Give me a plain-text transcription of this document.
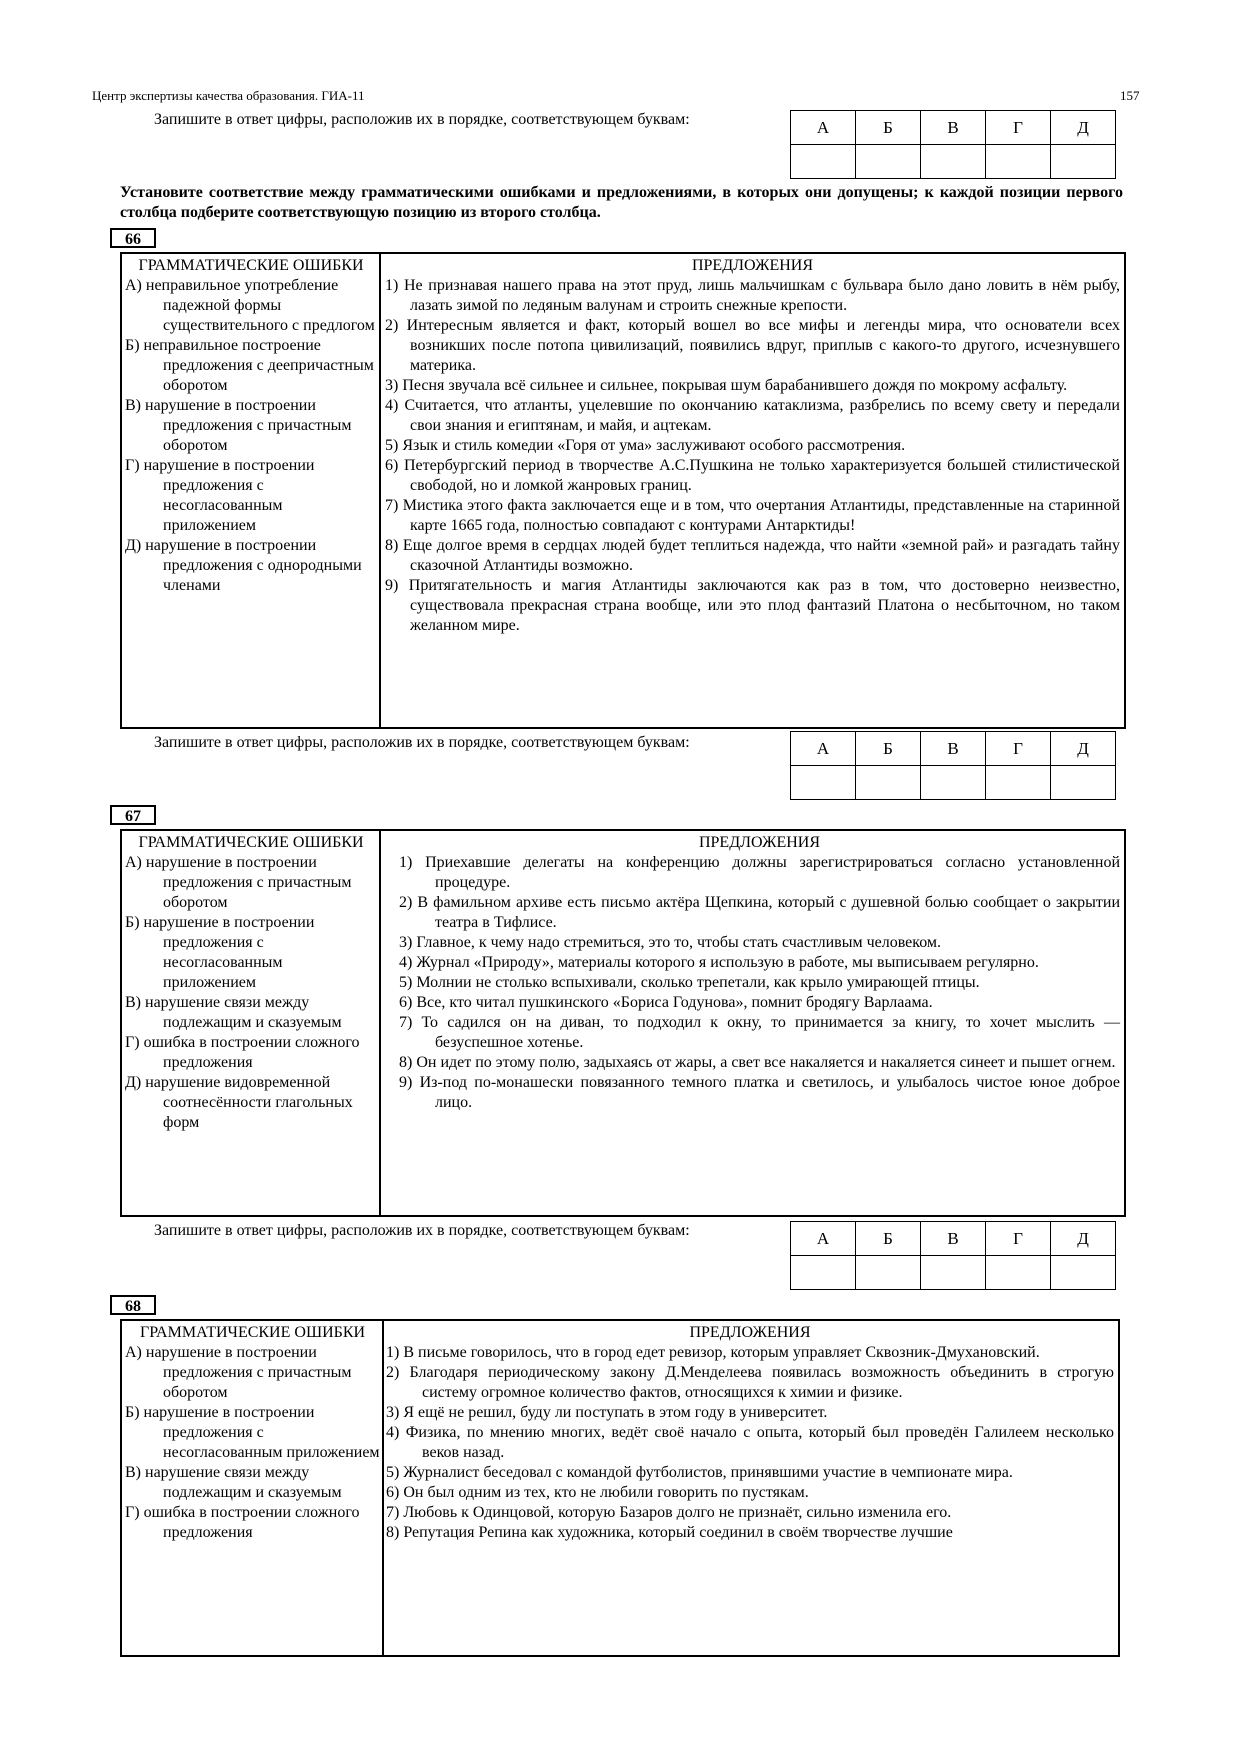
Центр экспертизы качества образования. ГИА-11	157
Запишите в ответ цифры, расположив их в порядке, соответствующем буквам:	А	Б	В	Г	Д

Установите соответствие между грамматическими ошибками и предложениями, в которых они допущены; к каждой позиции первого столбца подберите соответствующую позицию из второго столбца.
66
ГРАММАТИЧЕСКИЕ ОШИБКИ
А) неправильное употребление падежной формы существительного с предлогом
Б) неправильное построение предложения с деепричастным оборотом
В) нарушение в построении предложения с причастным оборотом
Г) нарушение в построении предложения с несогласованным приложением
Д) нарушение в построении предложения с однородными членами
ПРЕДЛОЖЕНИЯ
1) Не признавая нашего права на этот пруд, лишь мальчишкам с бульвара было дано ловить в нём рыбу, лазать зимой по ледяным валунам и строить снежные крепости.
2) Интересным является и факт, который вошел во все мифы и легенды мира, что основатели всех возникших после потопа цивилизаций, появились вдруг, приплыв с какого-то другого, исчезнувшего материка.
3) Песня звучала всё сильнее и сильнее, покрывая шум барабанившего дождя по мокрому асфальту.
4) Считается, что атланты, уцелевшие по окончанию катаклизма, разбрелись по всему свету и передали свои знания и египтянам, и майя, и ацтекам.
5) Язык и стиль комедии «Горя от ума» заслуживают особого рассмотрения.
6) Петербургский период в творчестве А.С.Пушкина не только характеризуется большей стилистической свободой, но и ломкой жанровых границ.
7) Мистика этого факта заключается еще и в том, что очертания Атлантиды, представленные на старинной карте 1665 года, полностью совпадают с контурами Антарктиды!
8) Еще долгое время в сердцах людей будет теплиться надежда, что найти «земной рай» и разгадать тайну сказочной Атлантиды возможно.
9) Притягательность и магия Атлантиды заключаются как раз в том, что достоверно неизвестно, существовала прекрасная страна вообще, или это плод фантазий Платона о несбыточном, но таком желанном мире.
Запишите в ответ цифры, расположив их в порядке, соответствующем буквам:	А	Б	В	Г	Д

67
ГРАММАТИЧЕСКИЕ ОШИБКИ
А) нарушение в построении предложения с причастным оборотом
Б) нарушение в построении предложения с несогласованным приложением
В) нарушение связи между подлежащим и сказуемым
Г) ошибка в построении сложного предложения
Д) нарушение видовременной соотнесённости глагольных форм
ПРЕДЛОЖЕНИЯ
1) Приехавшие делегаты на конференцию должны зарегистрироваться согласно установленной процедуре.
2) В фамильном архиве есть письмо актёра Щепкина, который с душевной болью сообщает о закрытии театра в Тифлисе.
3) Главное, к чему надо стремиться, это то, чтобы стать счастливым человеком.
4) Журнал «Природу», материалы которого я использую в работе, мы выписываем регулярно.
5) Молнии не столько вспыхивали, сколько трепетали, как крыло умирающей птицы.
6) Все, кто читал пушкинского «Бориса Годунова», помнит бродягу Варлаама.
7) То садился он на диван, то подходил к окну, то принимается за книгу, то хочет мыслить — безуспешное хотенье.
8) Он идет по этому полю, задыхаясь от жары, а свет все накаляется и накаляется синеет и пышет огнем.
9) Из-под по-монашески повязанного темного платка и светилось, и улыбалось чистое юное доброе лицо.
Запишите в ответ цифры, расположив их в порядке, соответствующем буквам:	А	Б	В	Г	Д

68
ГРАММАТИЧЕСКИЕ ОШИБКИ
А) нарушение в построении предложения с причастным оборотом
Б) нарушение в построении предложения с несогласованным приложением
В) нарушение связи между подлежащим и сказуемым
Г) ошибка в построении сложного предложения
ПРЕДЛОЖЕНИЯ
1) В письме говорилось, что в город едет ревизор, которым управляет Сквозник-Дмухановский.
2) Благодаря периодическому закону Д.Менделеева появилась возможность объединить в строгую систему огромное количество фактов, относящихся к химии и физике.
3) Я ещё не решил, буду ли поступать в этом году в университет.
4) Физика, по мнению многих, ведёт своё начало с опыта, который был проведён Галилеем несколько веков назад.
5) Журналист беседовал с командой футболистов, принявшими участие в чемпионате мира.
6) Он был одним из тех, кто не любили говорить по пустякам.
7) Любовь к Одинцовой, которую Базаров долго не признаёт, сильно изменила его.
8) Репутация Репина как художника, который соединил в своём творчестве лучшие
